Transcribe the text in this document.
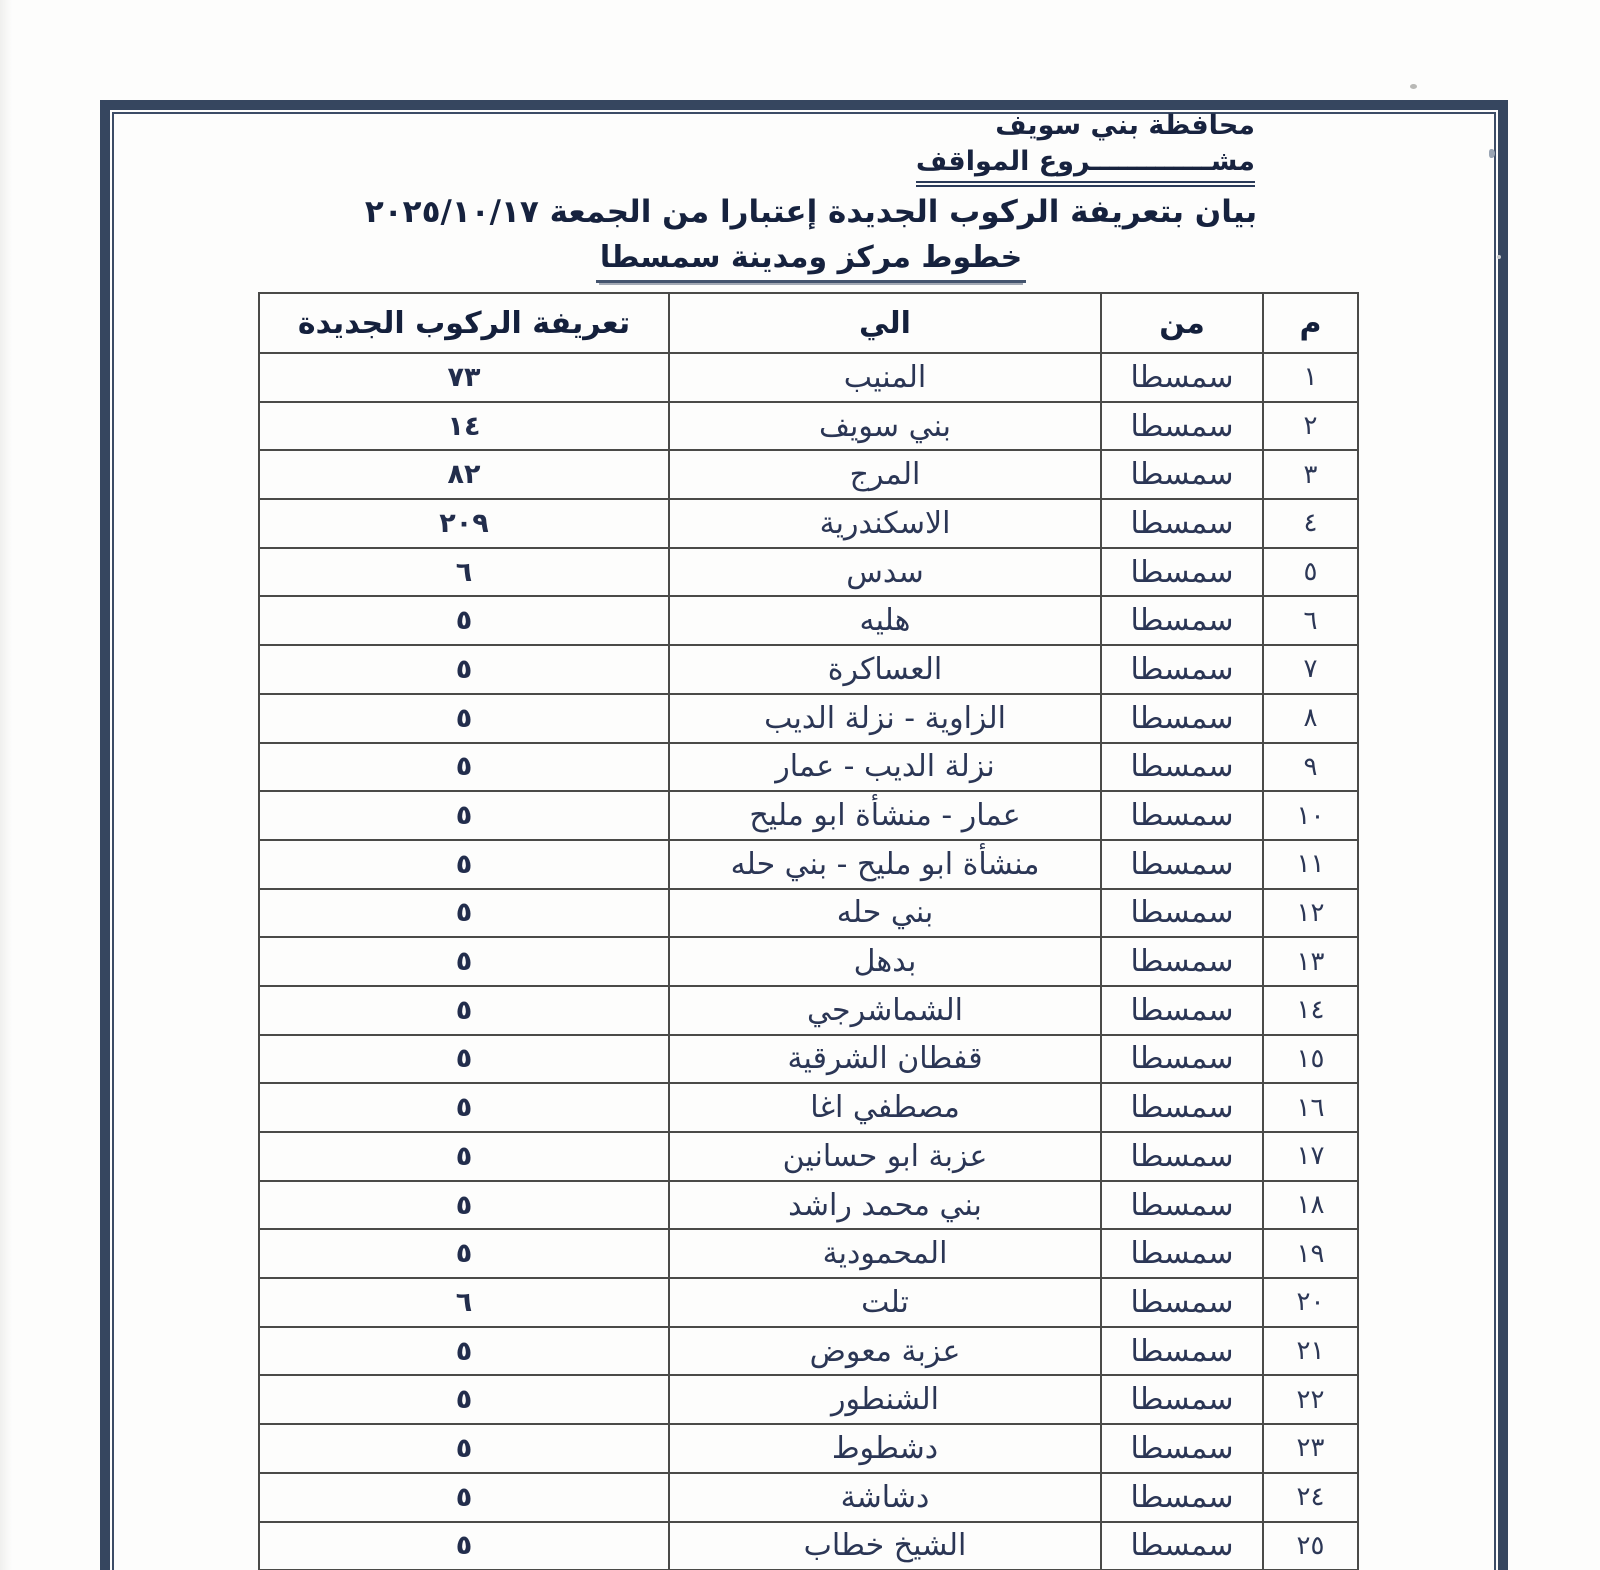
محافظة بني سويف
مشـــــــــــــروع المواقف
بيان بتعريفة الركوب الجديدة إعتبارا من الجمعة ٢٠٢٥/١٠/١٧
خطوط مركز ومدينة سمسطا
م	من	الي	تعريفة الركوب الجديدة
١	سمسطا	المنيب	٧٣
٢	سمسطا	بني سويف	١٤
٣	سمسطا	المرج	٨٢
٤	سمسطا	الاسكندرية	٢٠٩
٥	سمسطا	سدس	٦
٦	سمسطا	هليه	٥
٧	سمسطا	العساكرة	٥
٨	سمسطا	الزاوية - نزلة الديب	٥
٩	سمسطا	نزلة الديب - عمار	٥
١٠	سمسطا	عمار - منشأة ابو مليح	٥
١١	سمسطا	منشأة ابو مليح - بني حله	٥
١٢	سمسطا	بني حله	٥
١٣	سمسطا	بدهل	٥
١٤	سمسطا	الشماشرجي	٥
١٥	سمسطا	قفطان الشرقية	٥
١٦	سمسطا	مصطفي اغا	٥
١٧	سمسطا	عزبة ابو حسانين	٥
١٨	سمسطا	بني محمد راشد	٥
١٩	سمسطا	المحمودية	٥
٢٠	سمسطا	تلت	٦
٢١	سمسطا	عزبة معوض	٥
٢٢	سمسطا	الشنطور	٥
٢٣	سمسطا	دشطوط	٥
٢٤	سمسطا	دشاشة	٥
٢٥	سمسطا	الشيخ خطاب	٥
